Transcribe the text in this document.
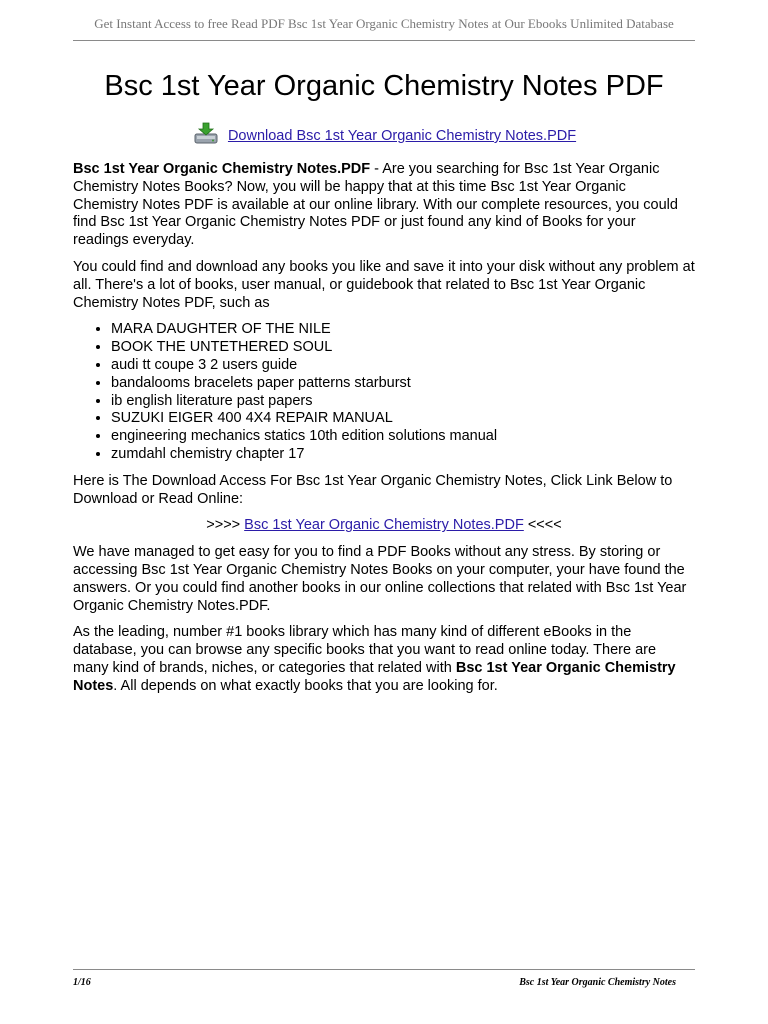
Get Instant Access to free Read PDF Bsc 1st Year Organic Chemistry Notes at Our Ebooks Unlimited Database
Bsc 1st Year Organic Chemistry Notes PDF
Download Bsc 1st Year Organic Chemistry Notes.PDF

Bsc 1st Year Organic Chemistry Notes.PDF - Are you searching for Bsc 1st Year Organic Chemistry Notes Books? Now, you will be happy that at this time Bsc 1st Year Organic Chemistry Notes PDF is available at our online library. With our complete resources, you could find Bsc 1st Year Organic Chemistry Notes PDF or just found any kind of Books for your readings everyday.

You could find and download any books you like and save it into your disk without any problem at all. There's a lot of books, user manual, or guidebook that related to Bsc 1st Year Organic Chemistry Notes PDF, such as

• MARA DAUGHTER OF THE NILE
• BOOK THE UNTETHERED SOUL
• audi tt coupe 3 2 users guide
• bandalooms bracelets paper patterns starburst
• ib english literature past papers
• SUZUKI EIGER 400 4X4 REPAIR MANUAL
• engineering mechanics statics 10th edition solutions manual
• zumdahl chemistry chapter 17

Here is The Download Access For Bsc 1st Year Organic Chemistry Notes, Click Link Below to Download or Read Online:

>>>> Bsc 1st Year Organic Chemistry Notes.PDF <<<<

We have managed to get easy for you to find a PDF Books without any stress. By storing or accessing Bsc 1st Year Organic Chemistry Notes Books on your computer, your have found the answers. Or you could find another books in our online collections that related with Bsc 1st Year Organic Chemistry Notes.PDF.

As the leading, number #1 books library which has many kind of different eBooks in the database, you can browse any specific books that you want to read online today. There are many kind of brands, niches, or categories that related with Bsc 1st Year Organic Chemistry Notes. All depends on what exactly books that you are looking for.

1/16	Bsc 1st Year Organic Chemistry Notes
